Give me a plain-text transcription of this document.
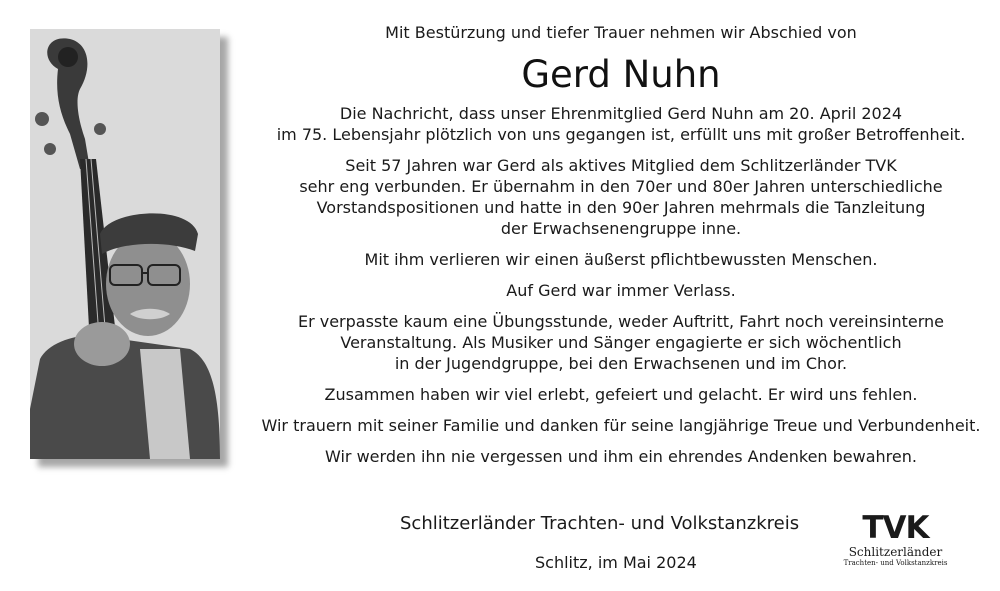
Mit Bestürzung und tiefer Trauer nehmen wir Abschied von

Gerd Nuhn

Die Nachricht, dass unser Ehrenmitglied Gerd Nuhn am 20. April 2024
im 75. Lebensjahr plötzlich von uns gegangen ist, erfüllt uns mit großer Betroffenheit.

Seit 57 Jahren war Gerd als aktives Mitglied dem Schlitzerländer TVK
sehr eng verbunden. Er übernahm in den 70er und 80er Jahren unterschiedliche
Vorstandspositionen und hatte in den 90er Jahren mehrmals die Tanzleitung
der Erwachsenengruppe inne.

Mit ihm verlieren wir einen äußerst pflichtbewussten Menschen.

Auf Gerd war immer Verlass.

Er verpasste kaum eine Übungsstunde, weder Auftritt, Fahrt noch vereinsinterne
Veranstaltung. Als Musiker und Sänger engagierte er sich wöchentlich
in der Jugendgruppe, bei den Erwachsenen und im Chor.

Zusammen haben wir viel erlebt, gefeiert und gelacht. Er wird uns fehlen.

Wir trauern mit seiner Familie und danken für seine langjährige Treue und Verbundenheit.

Wir werden ihn nie vergessen und ihm ein ehrendes Andenken bewahren.

Schlitzerländer Trachten- und Volkstanzkreis
Schlitz, im Mai 2024
TVK
Schlitzerländer
Trachten- und Volkstanzkreis
